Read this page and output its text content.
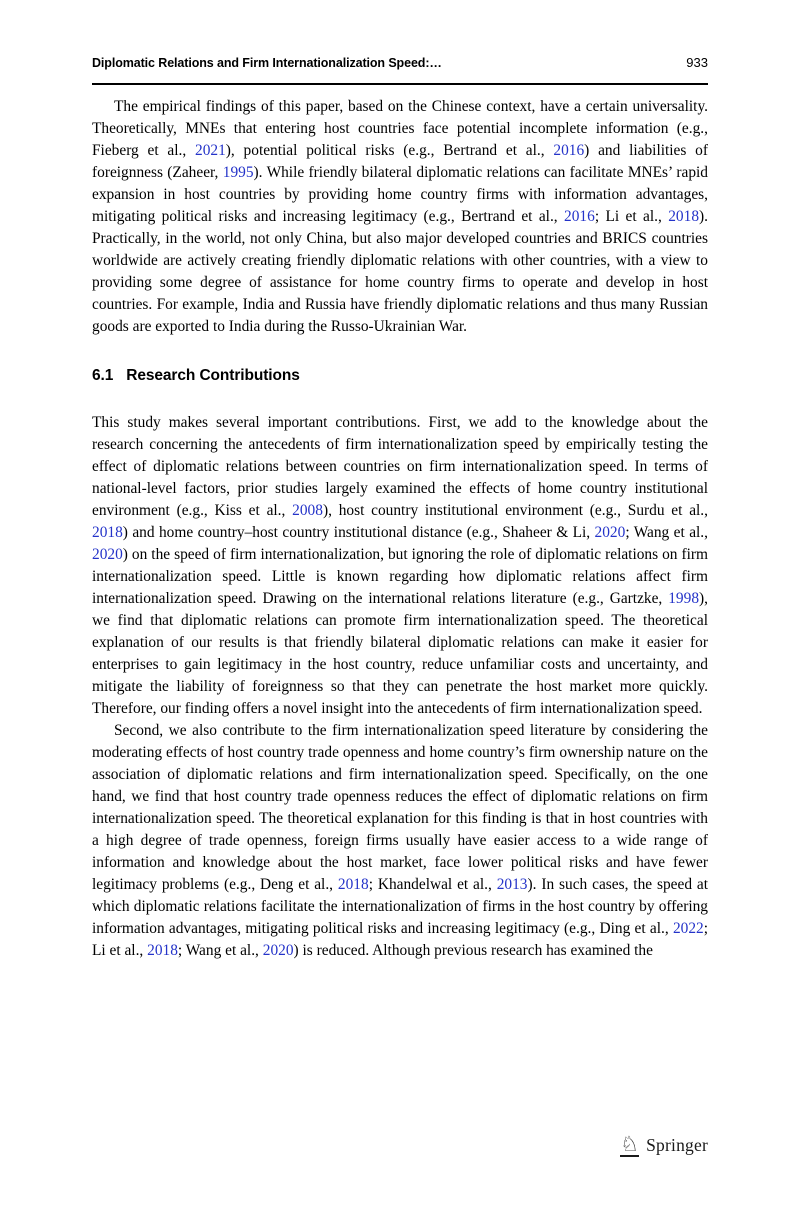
Diplomatic Relations and Firm Internationalization Speed:…	933

The empirical findings of this paper, based on the Chinese context, have a certain universality. Theoretically, MNEs that entering host countries face potential incomplete information (e.g., Fieberg et al., 2021), potential political risks (e.g., Bertrand et al., 2016) and liabilities of foreignness (Zaheer, 1995). While friendly bilateral diplomatic relations can facilitate MNEs’ rapid expansion in host countries by providing home country firms with information advantages, mitigating political risks and increasing legitimacy (e.g., Bertrand et al., 2016; Li et al., 2018). Practically, in the world, not only China, but also major developed countries and BRICS countries worldwide are actively creating friendly diplomatic relations with other countries, with a view to providing some degree of assistance for home country firms to operate and develop in host countries. For example, India and Russia have friendly diplomatic relations and thus many Russian goods are exported to India during the Russo-Ukrainian War.

6.1 Research Contributions

This study makes several important contributions. First, we add to the knowledge about the research concerning the antecedents of firm internationalization speed by empirically testing the effect of diplomatic relations between countries on firm internationalization speed. In terms of national-level factors, prior studies largely examined the effects of home country institutional environment (e.g., Kiss et al., 2008), host country institutional environment (e.g., Surdu et al., 2018) and home country–host country institutional distance (e.g., Shaheer & Li, 2020; Wang et al., 2020) on the speed of firm internationalization, but ignoring the role of diplomatic relations on firm internationalization speed. Little is known regarding how diplomatic relations affect firm internationalization speed. Drawing on the international relations literature (e.g., Gartzke, 1998), we find that diplomatic relations can promote firm internationalization speed. The theoretical explanation of our results is that friendly bilateral diplomatic relations can make it easier for enterprises to gain legitimacy in the host country, reduce unfamiliar costs and uncertainty, and mitigate the liability of foreignness so that they can penetrate the host market more quickly. Therefore, our finding offers a novel insight into the antecedents of firm internationalization speed.

Second, we also contribute to the firm internationalization speed literature by considering the moderating effects of host country trade openness and home country’s firm ownership nature on the association of diplomatic relations and firm internationalization speed. Specifically, on the one hand, we find that host country trade openness reduces the effect of diplomatic relations on firm internationalization speed. The theoretical explanation for this finding is that in host countries with a high degree of trade openness, foreign firms usually have easier access to a wide range of information and knowledge about the host market, face lower political risks and have fewer legitimacy problems (e.g., Deng et al., 2018; Khandelwal et al., 2013). In such cases, the speed at which diplomatic relations facilitate the internationalization of firms in the host country by offering information advantages, mitigating political risks and increasing legitimacy (e.g., Ding et al., 2022; Li et al., 2018; Wang et al., 2020) is reduced. Although previous research has examined the

♘ Springer
